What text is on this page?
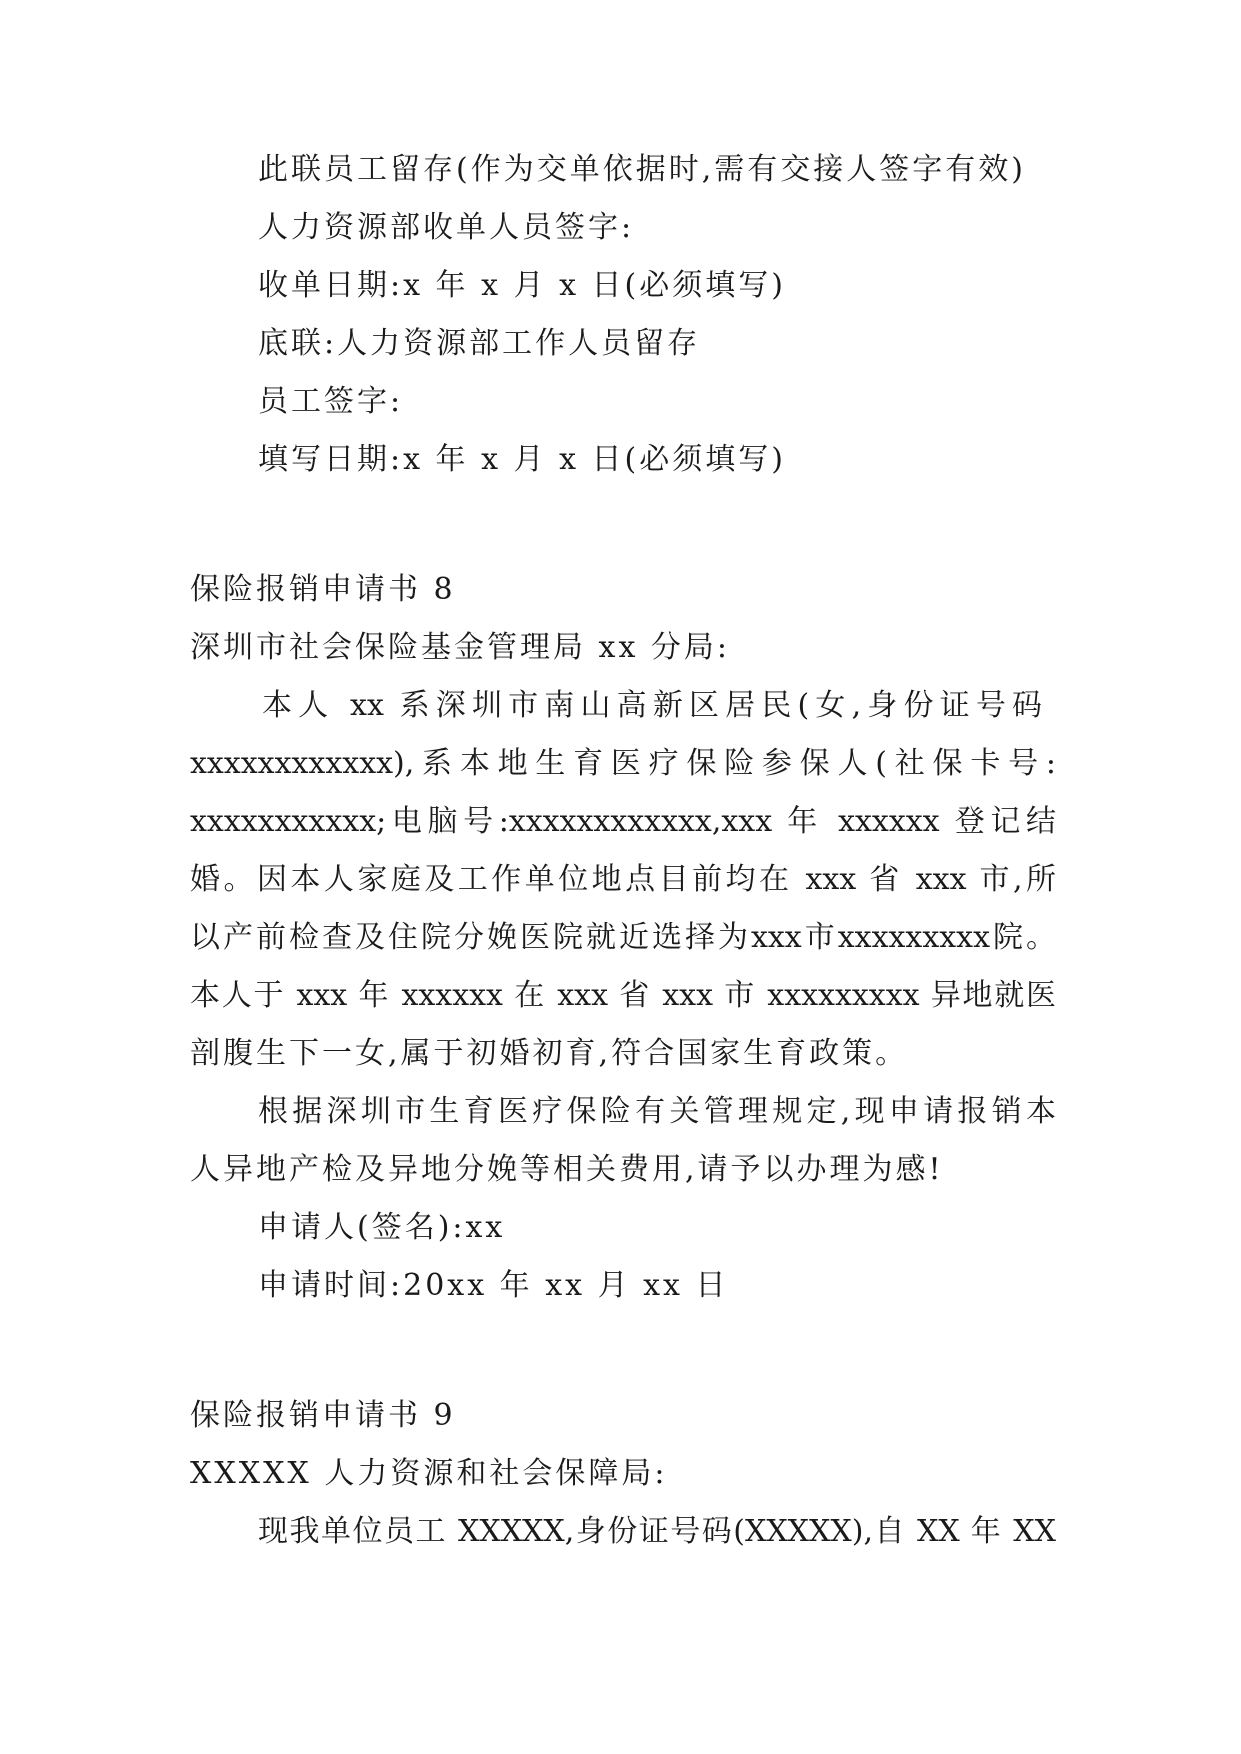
此联员工留存(作为交单依据时,需有交接人签字有效)
人力资源部收单人员签字:
收单日期:x 年 x 月 x 日(必须填写)
底联:人力资源部工作人员留存
员工签字:
填写日期:x 年 x 月 x 日(必须填写)
保险报销申请书 8
深圳市社会保险基金管理局 xx 分局:
本人 xx 系深圳市南山高新区居民(女,身份证号码
xxxxxxxxxxxx),系本地生育医疗保险参保人(社保卡号:
xxxxxxxxxxx;电脑号:xxxxxxxxxxxx,xxx 年 xxxxxx 登记结
婚。因本人家庭及工作单位地点目前均在 xxx 省 xxx 市,所
以产前检查及住院分娩医院就近选择为xxx市xxxxxxxxx院。
本人于 xxx 年 xxxxxx 在 xxx 省 xxx 市 xxxxxxxxx 异地就医
剖腹生下一女,属于初婚初育,符合国家生育政策。
根据深圳市生育医疗保险有关管理规定,现申请报销本
人异地产检及异地分娩等相关费用,请予以办理为感!
申请人(签名):xx
申请时间:20xx 年 xx 月 xx 日
保险报销申请书 9
XXXXX 人力资源和社会保障局:
现我单位员工 XXXXX,身份证号码(XXXXX),自 XX 年 XX
